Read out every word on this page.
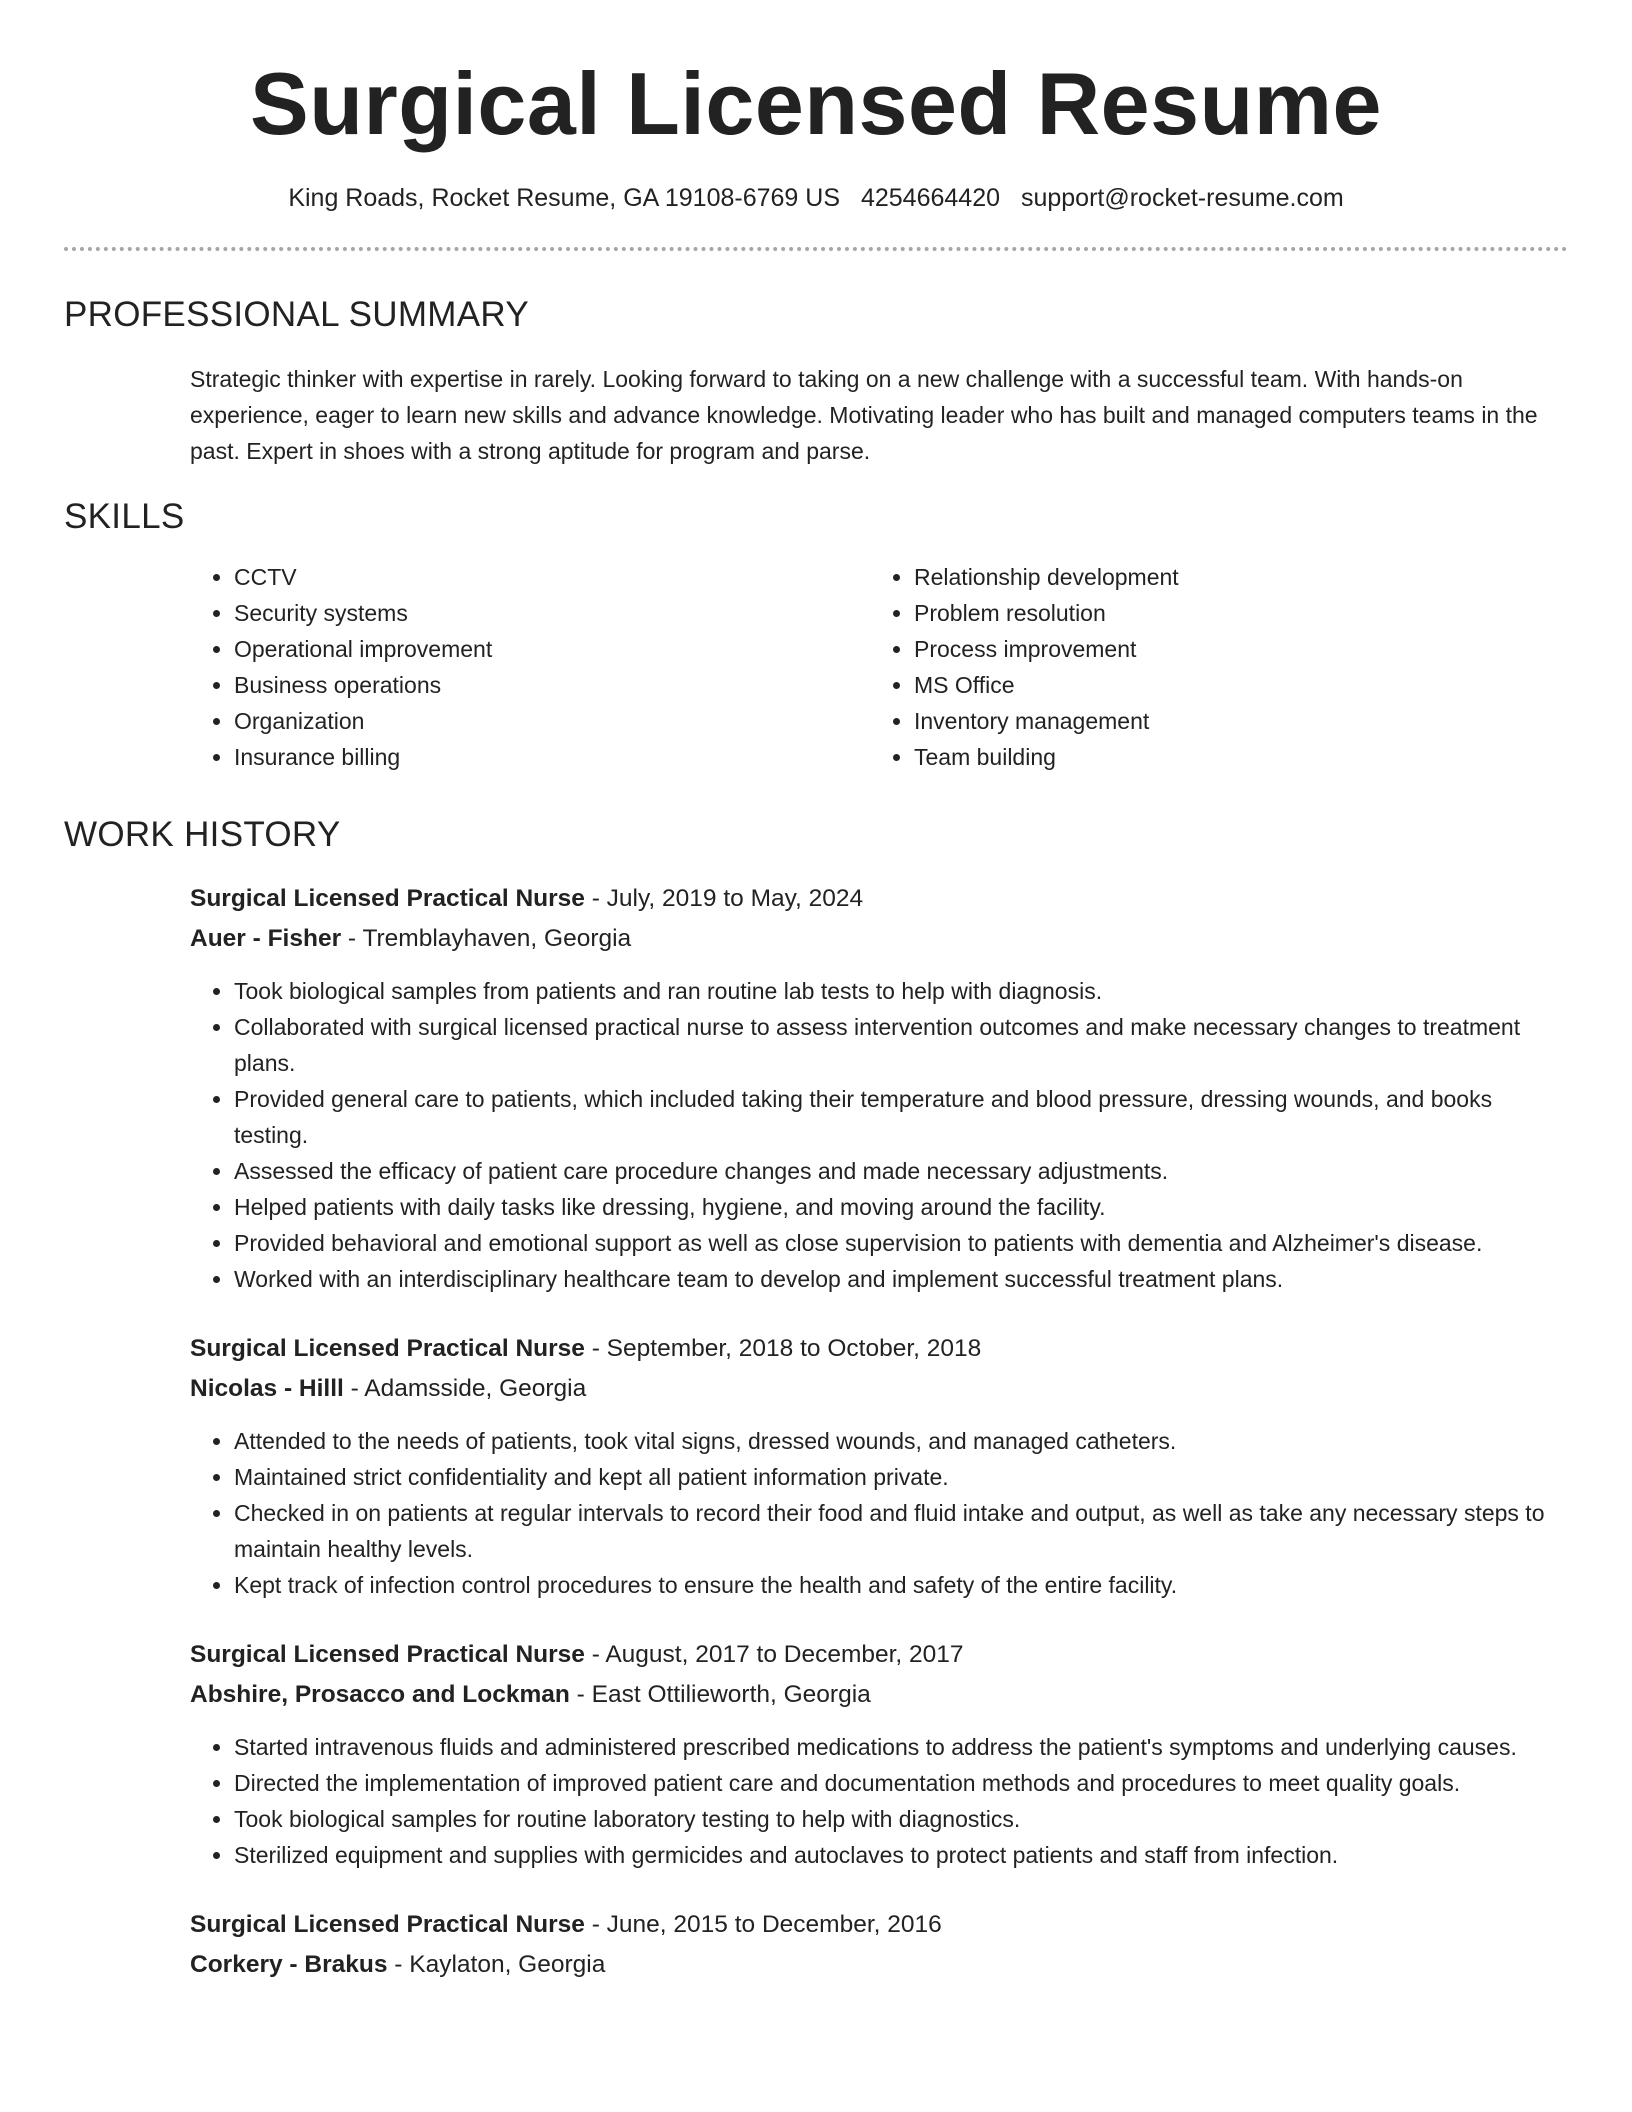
Surgical Licensed Resume
King Roads, Rocket Resume, GA 19108-6769 US 4254664420 support@rocket-resume.com
PROFESSIONAL SUMMARY

Strategic thinker with expertise in rarely. Looking forward to taking on a new challenge with a successful team. With hands-on experience, eager to learn new skills and advance knowledge. Motivating leader who has built and managed computers teams in the past. Expert in shoes with a strong aptitude for program and parse.

SKILLS
• CCTV
• Security systems
• Operational improvement
• Business operations
• Organization
• Insurance billing
• Relationship development
• Problem resolution
• Process improvement
• MS Office
• Inventory management
• Team building
WORK HISTORY
Surgical Licensed Practical Nurse - July, 2019 to May, 2024
Auer - Fisher - Tremblayhaven, Georgia
• Took biological samples from patients and ran routine lab tests to help with diagnosis.
• Collaborated with surgical licensed practical nurse to assess intervention outcomes and make necessary changes to treatment plans.
• Provided general care to patients, which included taking their temperature and blood pressure, dressing wounds, and books testing.
• Assessed the efficacy of patient care procedure changes and made necessary adjustments.
• Helped patients with daily tasks like dressing, hygiene, and moving around the facility.
• Provided behavioral and emotional support as well as close supervision to patients with dementia and Alzheimer's disease.
• Worked with an interdisciplinary healthcare team to develop and implement successful treatment plans.
Surgical Licensed Practical Nurse - September, 2018 to October, 2018
Nicolas - Hilll - Adamsside, Georgia
• Attended to the needs of patients, took vital signs, dressed wounds, and managed catheters.
• Maintained strict confidentiality and kept all patient information private.
• Checked in on patients at regular intervals to record their food and fluid intake and output, as well as take any necessary steps to maintain healthy levels.
• Kept track of infection control procedures to ensure the health and safety of the entire facility.
Surgical Licensed Practical Nurse - August, 2017 to December, 2017
Abshire, Prosacco and Lockman - East Ottilieworth, Georgia
• Started intravenous fluids and administered prescribed medications to address the patient's symptoms and underlying causes.
• Directed the implementation of improved patient care and documentation methods and procedures to meet quality goals.
• Took biological samples for routine laboratory testing to help with diagnostics.
• Sterilized equipment and supplies with germicides and autoclaves to protect patients and staff from infection.
Surgical Licensed Practical Nurse - June, 2015 to December, 2016
Corkery - Brakus - Kaylaton, Georgia
